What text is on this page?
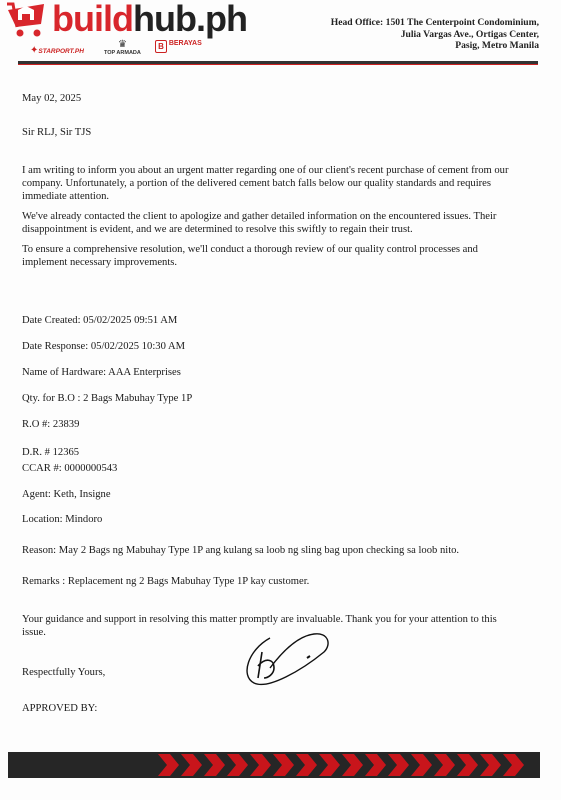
buildhub.ph
✦STARPORT.PH
♛
TOP ARMADA
B BERAYAS
Head Office: 1501 The Centerpoint Condominium,
Julia Vargas Ave., Ortigas Center,
Pasig, Metro Manila
May 02, 2025
Sir RLJ, Sir TJS
I am writing to inform you about an urgent matter regarding one of our client's recent purchase of cement from our company. Unfortunately, a portion of the delivered cement batch falls below our quality standards and requires immediate attention.
We've already contacted the client to apologize and gather detailed information on the encountered issues. Their disappointment is evident, and we are determined to resolve this swiftly to regain their trust.
To ensure a comprehensive resolution, we'll conduct a thorough review of our quality control processes and implement necessary improvements.
Date Created: 05/02/2025 09:51 AM
Date Response: 05/02/2025 10:30 AM
Name of Hardware: AAA Enterprises
Qty. for B.O : 2 Bags Mabuhay Type 1P
R.O #: 23839
D.R. # 12365
CCAR #: 0000000543
Agent: Keth, Insigne
Location: Mindoro
Reason: May 2 Bags ng Mabuhay Type 1P ang kulang sa loob ng sling bag upon checking sa loob nito.
Remarks : Replacement ng 2 Bags Mabuhay Type 1P kay customer.
Your guidance and support in resolving this matter promptly are invaluable. Thank you for your attention to this issue.
Respectfully Yours,
APPROVED BY:
